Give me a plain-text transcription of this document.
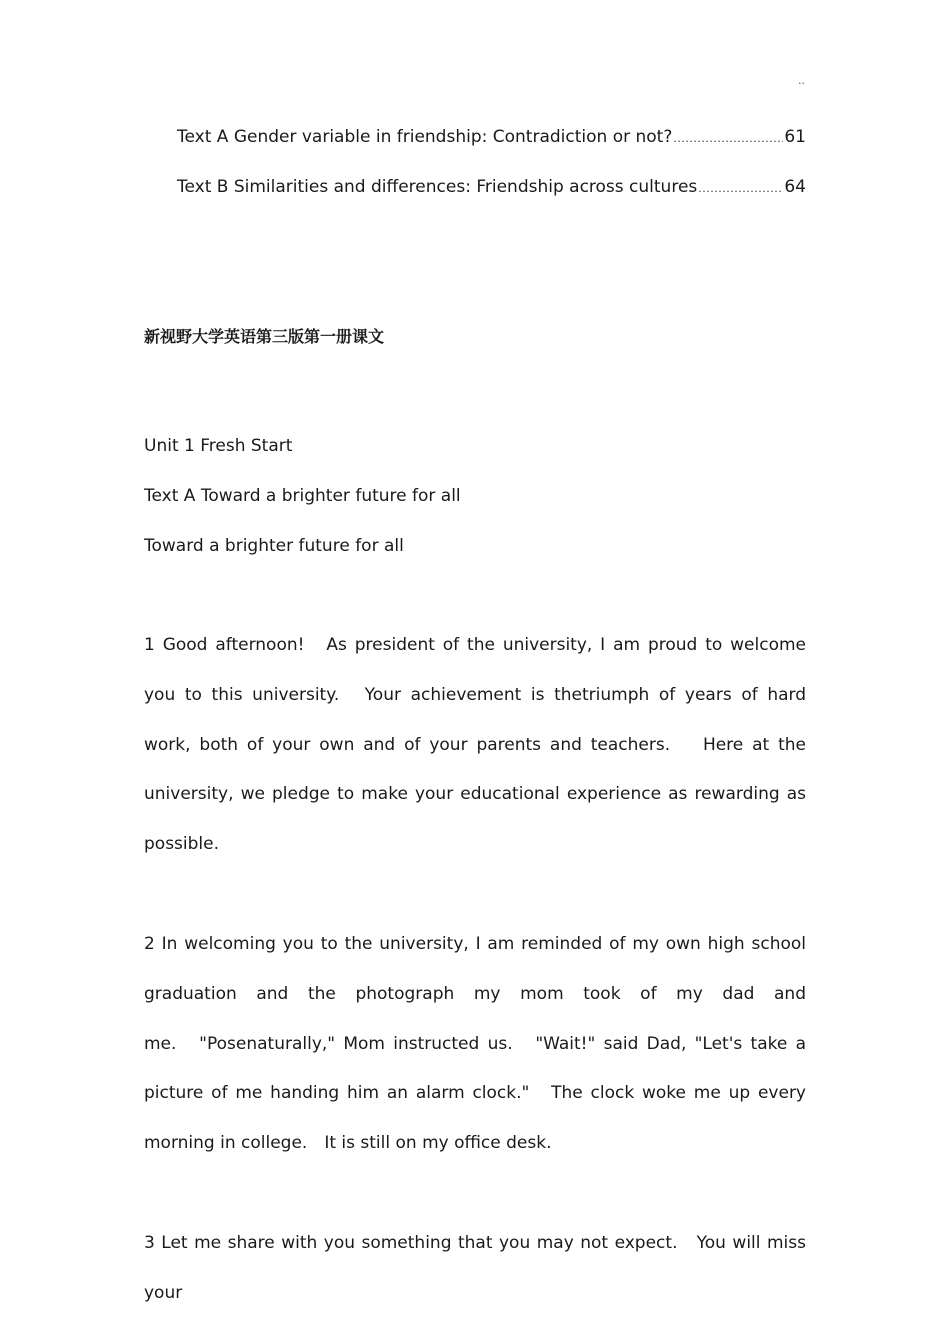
..
Text A Gender variable in friendship: Contradiction or not? .....	61
Text B Similarities and differences: Friendship across cultures .....	64

新视野大学英语第三版第一册课文

Unit 1 Fresh Start

Text A Toward a brighter future for all

Toward a brighter future for all

1 Good afternoon!　As president of the university, I am proud to welcome you to this university.　Your achievement is thetriumph of years of hard work, both of your own and of your parents and teachers.　 Here at the university, we pledge to make your educational experience as rewarding as possible.

2 In welcoming you to the university, I am reminded of my own high school graduation and the photograph my mom took of my dad and me.　"Posenaturally," Mom instructed us.　"Wait!" said Dad, "Let's take a picture of me handing him an alarm clock."　The clock woke me up every morning in college.　It is still on my office desk.

3 Let me share with you something that you may not expect.　You will miss your
